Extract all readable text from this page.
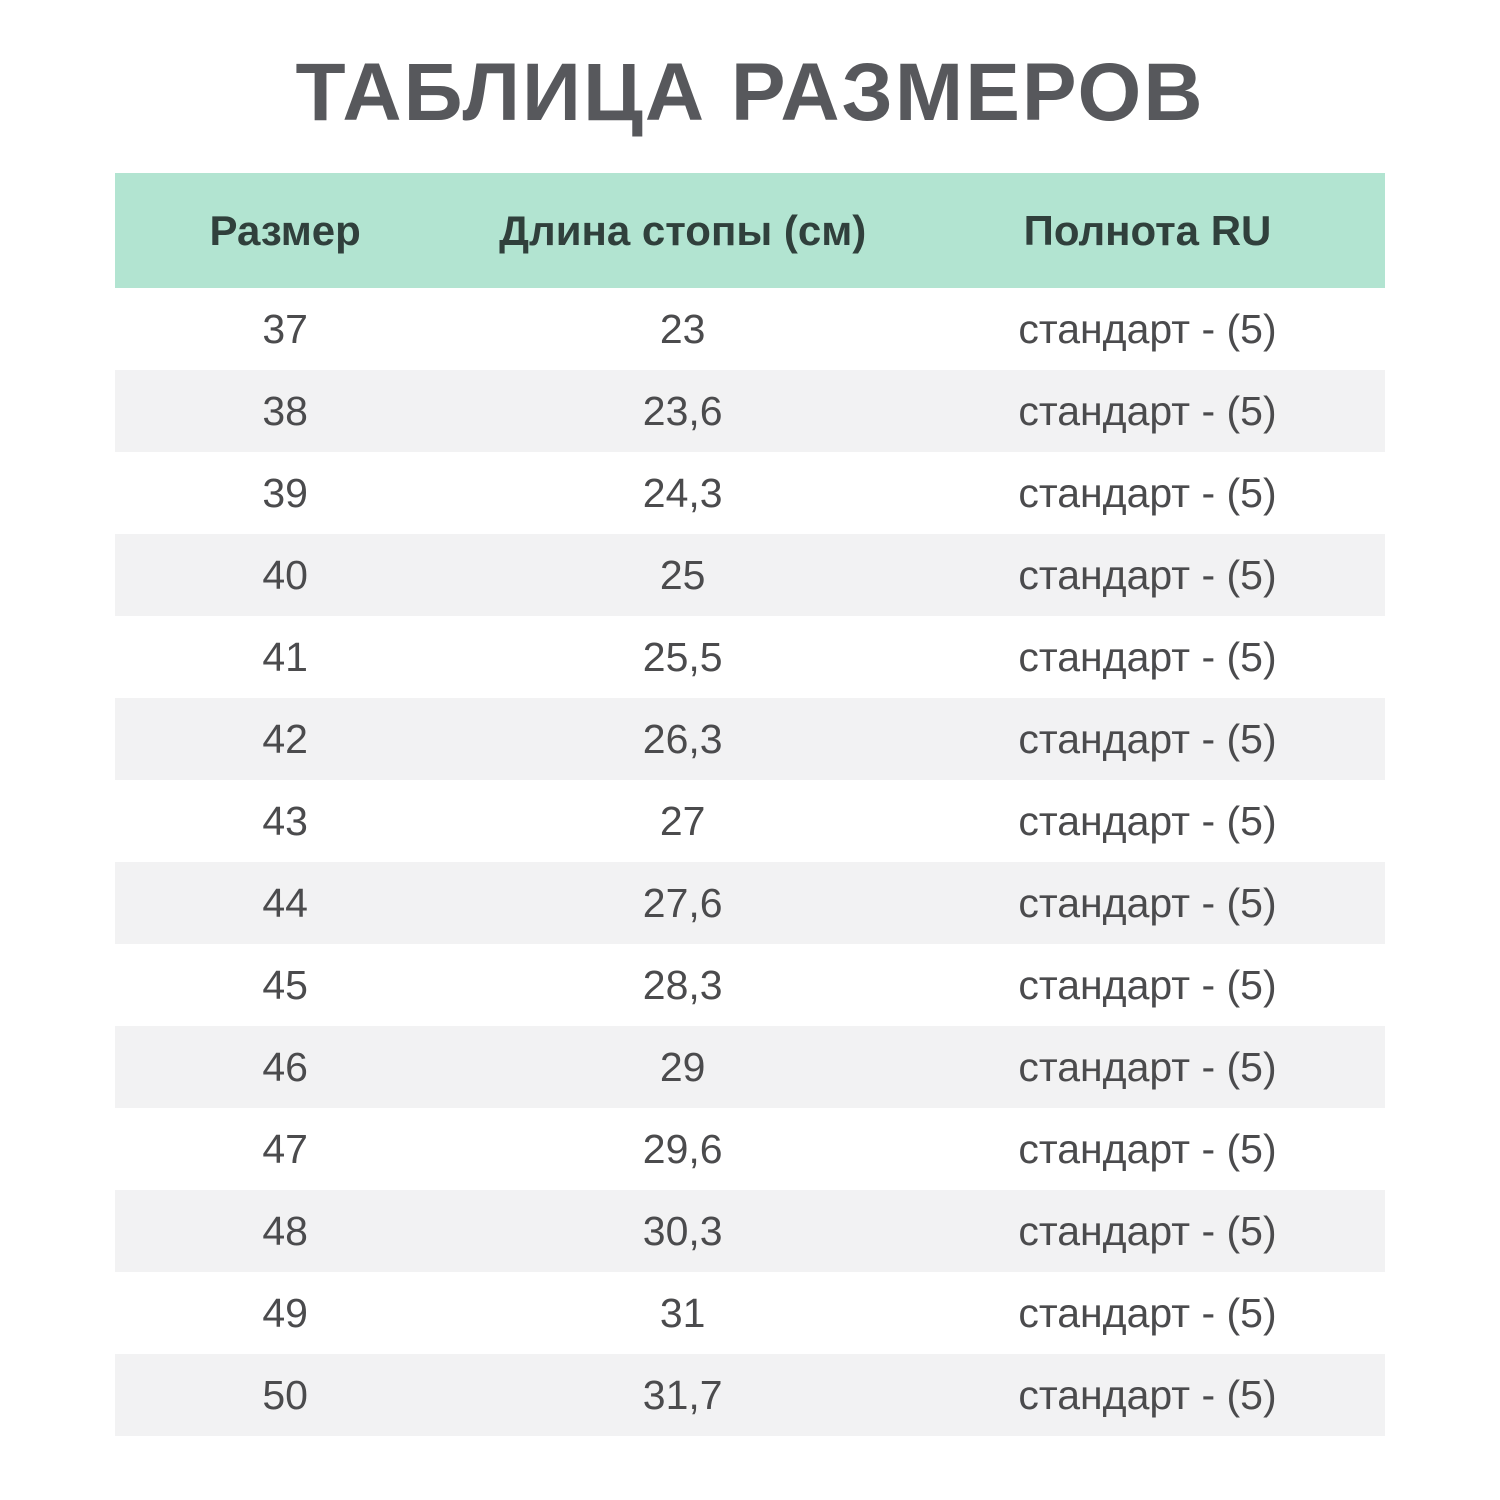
ТАБЛИЦА РАЗМЕРОВ
Размер	Длина стопы (см)	Полнота RU
37	23	стандарт - (5)
38	23,6	стандарт - (5)
39	24,3	стандарт - (5)
40	25	стандарт - (5)
41	25,5	стандарт - (5)
42	26,3	стандарт - (5)
43	27	стандарт - (5)
44	27,6	стандарт - (5)
45	28,3	стандарт - (5)
46	29	стандарт - (5)
47	29,6	стандарт - (5)
48	30,3	стандарт - (5)
49	31	стандарт - (5)
50	31,7	стандарт - (5)
